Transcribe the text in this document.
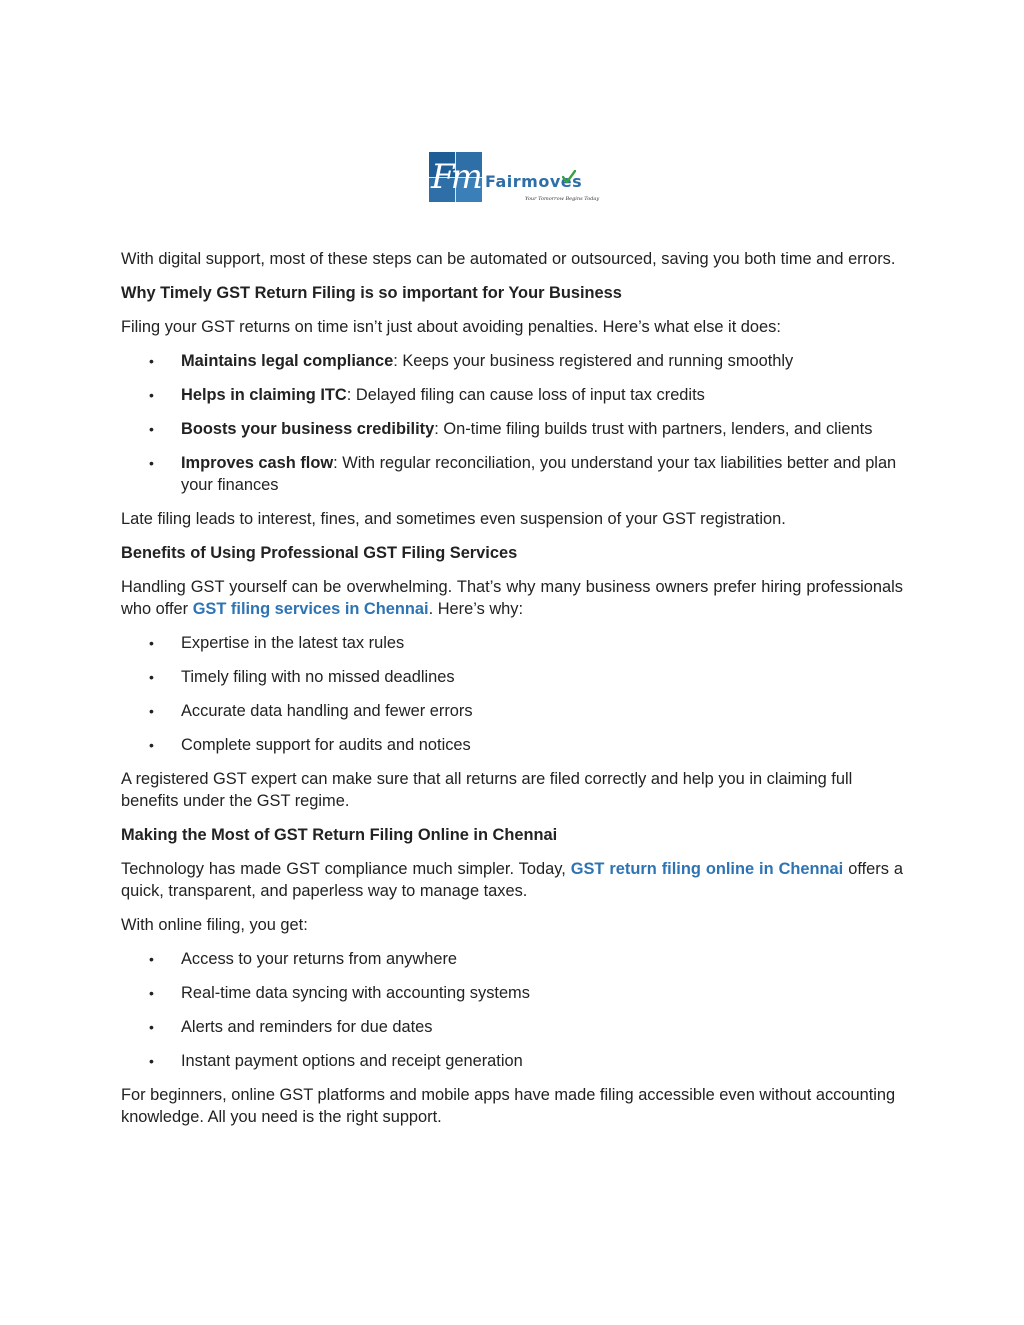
Fm Fairmoves
Your Tomorrow Begins Today

With digital support, most of these steps can be automated or outsourced, saving you both time and errors.

Why Timely GST Return Filing is so important for Your Business

Filing your GST returns on time isn’t just about avoiding penalties. Here’s what else it does:

• Maintains legal compliance: Keeps your business registered and running smoothly
• Helps in claiming ITC: Delayed filing can cause loss of input tax credits
• Boosts your business credibility: On-time filing builds trust with partners, lenders, and clients
• Improves cash flow: With regular reconciliation, you understand your tax liabilities better and plan your finances

Late filing leads to interest, fines, and sometimes even suspension of your GST registration.

Benefits of Using Professional GST Filing Services

Handling GST yourself can be overwhelming. That’s why many business owners prefer hiring professionals who offer GST filing services in Chennai. Here’s why:

• Expertise in the latest tax rules
• Timely filing with no missed deadlines
• Accurate data handling and fewer errors
• Complete support for audits and notices

A registered GST expert can make sure that all returns are filed correctly and help you in claiming full benefits under the GST regime.

Making the Most of GST Return Filing Online in Chennai

Technology has made GST compliance much simpler. Today, GST return filing online in Chennai offers a quick, transparent, and paperless way to manage taxes.

With online filing, you get:

• Access to your returns from anywhere
• Real-time data syncing with accounting systems
• Alerts and reminders for due dates
• Instant payment options and receipt generation

For beginners, online GST platforms and mobile apps have made filing accessible even without accounting knowledge. All you need is the right support.
